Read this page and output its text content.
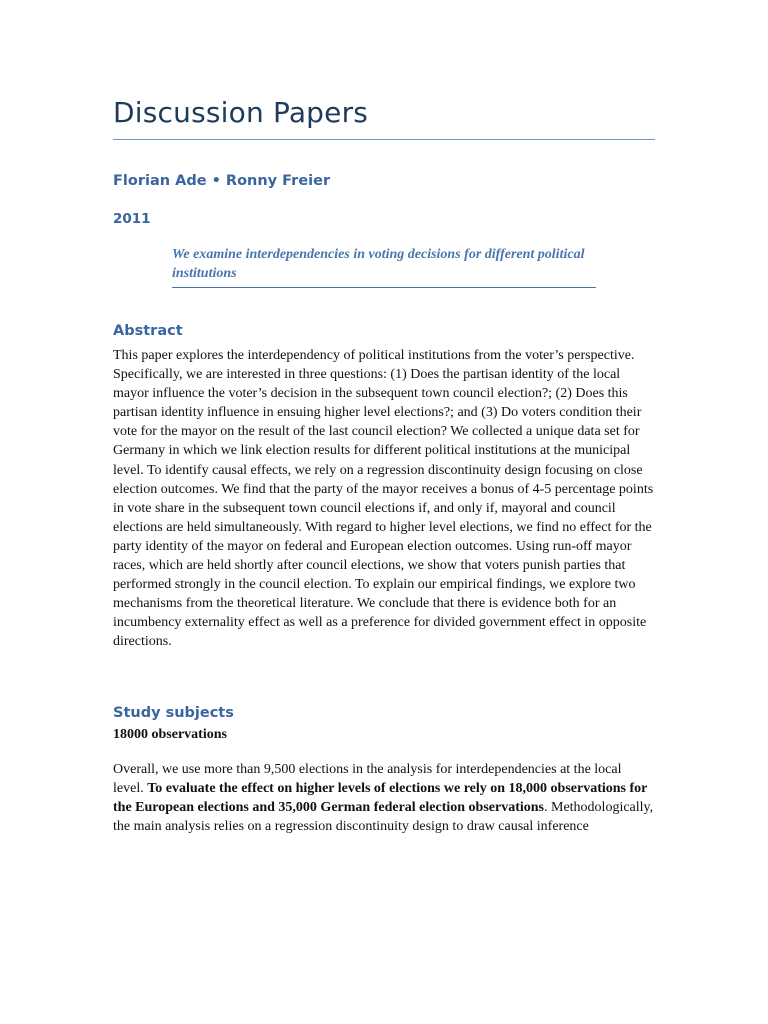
Discussion Papers
Florian Ade • Ronny Freier
2011
We examine interdependencies in voting decisions for different political institutions
Abstract
This paper explores the interdependency of political institutions from the voter’s perspective. Specifically, we are interested in three questions: (1) Does the partisan identity of the local mayor influence the voter’s decision in the subsequent town council election?; (2) Does this partisan identity influence in ensuing higher level elections?; and (3) Do voters condition their vote for the mayor on the result of the last council election? We collected a unique data set for Germany in which we link election results for different political institutions at the municipal level. To identify causal effects, we rely on a regression discontinuity design focusing on close election outcomes. We find that the party of the mayor receives a bonus of 4-5 percentage points in vote share in the subsequent town council elections if, and only if, mayoral and council elections are held simultaneously. With regard to higher level elections, we find no effect for the party identity of the mayor on federal and European election outcomes. Using run-off mayor races, which are held shortly after council elections, we show that voters punish parties that performed strongly in the council election. To explain our empirical findings, we explore two mechanisms from the theoretical literature. We conclude that there is evidence both for an incumbency externality effect as well as a preference for divided government effect in opposite directions.
Study subjects
18000 observations
Overall, we use more than 9,500 elections in the analysis for interdependencies at the local level. To evaluate the effect on higher levels of elections we rely on 18,000 observations for the European elections and 35,000 German federal election observations. Methodologically, the main analysis relies on a regression discontinuity design to draw causal inference
